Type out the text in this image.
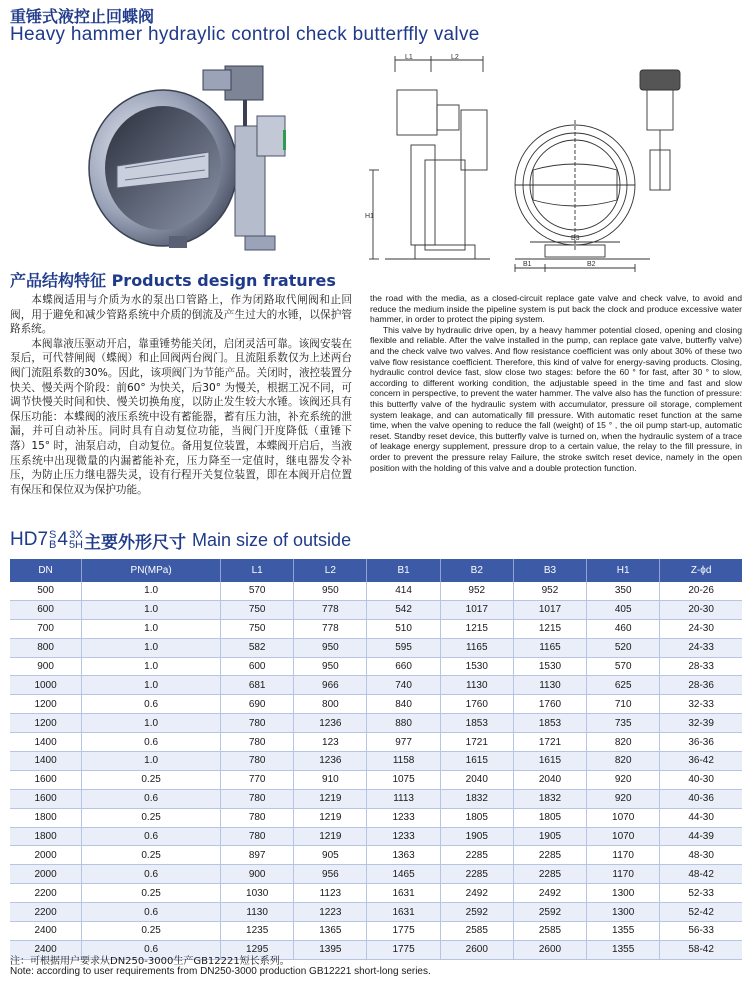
重锤式液控止回蝶阀
Heavy hammer hydraylic control check butterffly valve
L1	L2
H1
B3
B1	B2
产品结构特征 Products design fratures

本蝶阀适用与介质为水的泵出口管路上，作为闭路取代闸阀和止回阀，用于避免和减少管路系统中介质的倒流及产生过大的水锤，以保护管路系统。

本阀靠液压驱动开启，靠重锤势能关闭，启闭灵活可靠。该阀安装在泵后，可代替闸阀（蝶阀）和止回阀两台阀门。且流阻系数仅为上述两台阀门流阻系数的30%。因此，该项阀门为节能产品。关闭时，液控装置分快关、慢关两个阶段：前60° 为快关，后30° 为慢关，根据工况不同，可调节快慢关时间和快、慢关切换角度，以防止发生较大水锤。该阀还具有保压功能：本蝶阀的液压系统中设有蓄能器，蓄有压力油，补充系统的泄漏，并可自动补压。同时具有自动复位功能，当阀门开度降低（重锤下落）15° 时，油泵启动，自动复位。备用复位装置，本蝶阀开启后，当液压系统中出现微量的内漏蓄能补充，压力降至一定值时，继电器发令补压，为防止压力继电器失灵，设有行程开关复位装置，即在本阀开启位置有保压和保位双为保护功能。

the road with the media, as a closed-circuit replace gate valve and check valve, to avoid and reduce the medium inside the pipeline system is put back the clock and produce excessive water hammer, in order to protect the piping system.

This valve by hydraulic drive open, by a heavy hammer potential closed, opening and closing flexible and reliable. After the valve installed in the pump, can replace gate valve, butterfly valve) and the check valve two valves. And flow resistance coefficient was only about 30% of these two valve flow resistance coefficient. Therefore, this kind of valve for energy-saving products. Closing, hydraulic control device fast, slow close two stages: before the 60 ° for fast, after 30 ° to slow, according to different working condition, the adjustable speed in the time and fast and slow concern in perspective, to prevent the water hammer. The valve also has the function of pressure: this butterfly valve of the hydraulic system with accumulator, pressure oil storage, complement system leakage, and can automatically fill pressure. With automatic reset function at the same time, when the valve opening to reduce the fall (weight) of 15 ° , the oil pump start-up, automatic reset. Standby reset device, this butterfly valve is turned on, when the hydraulic system of a trace of leakage energy supplement, pressure drop to a certain value, the relay to the fill pressure, in order to prevent the pressure relay Failure, the stroke switch reset device, namely in the open position with the holding of this valve and a double protection function.

HD7 S
B 4 3X
5H 主要外形尺寸 Main size of outside
DN	PN(MPa)	L1	L2	B1	B2	B3	H1	Z-ϕd
500	1.0	570	950	414	952	952	350	20-26
600	1.0	750	778	542	1017	1017	405	20-30
700	1.0	750	778	510	1215	1215	460	24-30
800	1.0	582	950	595	1165	1165	520	24-33
900	1.0	600	950	660	1530	1530	570	28-33
1000	1.0	681	966	740	1130	1130	625	28-36
1200	0.6	690	800	840	1760	1760	710	32-33
1200	1.0	780	1236	880	1853	1853	735	32-39
1400	0.6	780	123	977	1721	1721	820	36-36
1400	1.0	780	1236	1158	1615	1615	820	36-42
1600	0.25	770	910	1075	2040	2040	920	40-30
1600	0.6	780	1219	1113	1832	1832	920	40-36
1800	0.25	780	1219	1233	1805	1805	1070	44-30
1800	0.6	780	1219	1233	1905	1905	1070	44-39
2000	0.25	897	905	1363	2285	2285	1170	48-30
2000	0.6	900	956	1465	2285	2285	1170	48-42
2200	0.25	1030	1123	1631	2492	2492	1300	52-33
2200	0.6	1130	1223	1631	2592	2592	1300	52-42
2400	0.25	1235	1365	1775	2585	2585	1355	56-33
2400	0.6	1295	1395	1775	2600	2600	1355	58-42
注：可根据用户要求从DN250-3000生产GB12221短长系列。
Note: according to user requirements from DN250-3000 production GB12221 short-long series.
